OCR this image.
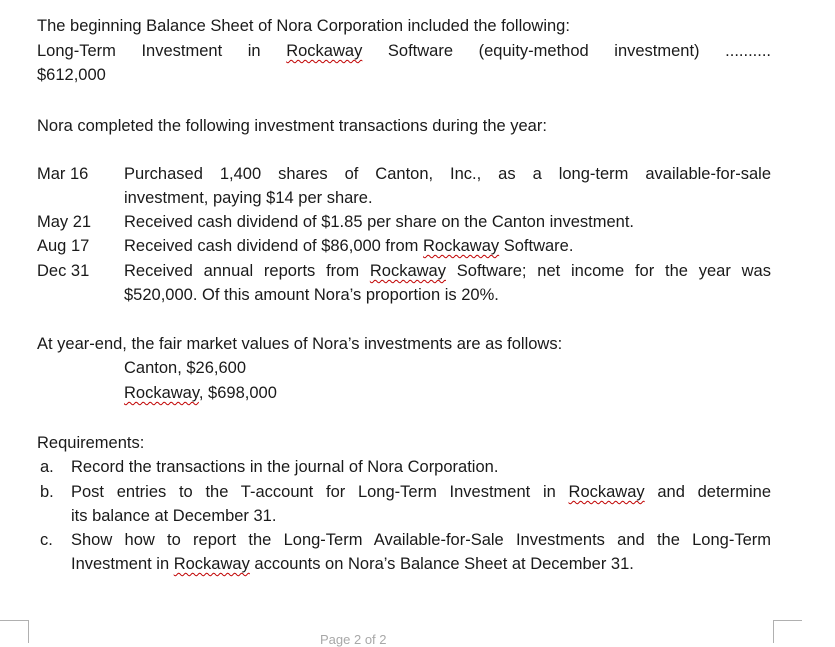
The beginning Balance Sheet of Nora Corporation included the following:
Long-Term Investment in Rockaway Software (equity-method investment) ..........
$612,000
Nora completed the following investment transactions during the year:
Mar 16 Purchased 1,400 shares of Canton, Inc., as a long-term available-for-sale
investment, paying $14 per share.
May 21 Received cash dividend of $1.85 per share on the Canton investment.
Aug 17 Received cash dividend of $86,000 from Rockaway Software.
Dec 31 Received annual reports from Rockaway Software; net income for the year was
$520,000. Of this amount Nora’s proportion is 20%.
At year-end, the fair market values of Nora’s investments are as follows:
Canton, $26,600
Rockaway, $698,000
Requirements:
a. Record the transactions in the journal of Nora Corporation.
b. Post entries to the T-account for Long-Term Investment in Rockaway and determine
its balance at December 31.
c. Show how to report the Long-Term Available-for-Sale Investments and the Long-Term
Investment in Rockaway accounts on Nora’s Balance Sheet at December 31.
Page 2 of 2
